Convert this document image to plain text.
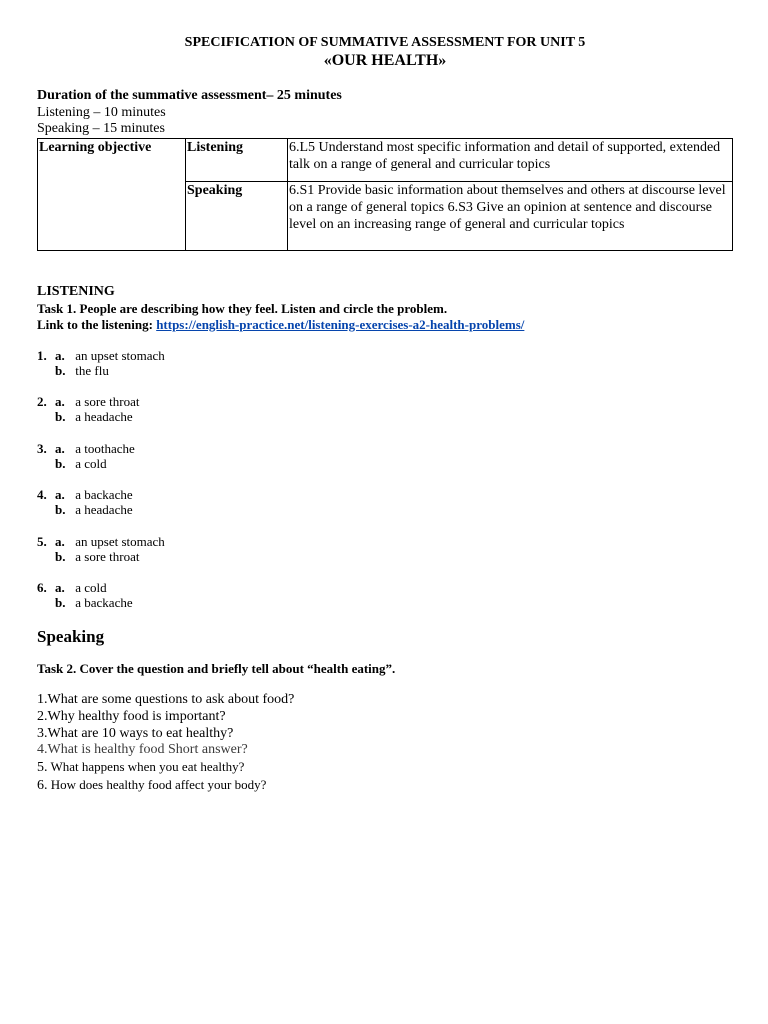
SPECIFICATION OF SUMMATIVE ASSESSMENT FOR UNIT 5
«OUR HEALTH»
Duration of the summative assessment– 25 minutes
Listening – 10 minutes
Speaking – 15 minutes
Learning objective	Listening	6.L5 Understand most specific information and detail of supported, extended talk on a range of general and curricular topics
	Speaking	6.S1 Provide basic information about themselves and others at discourse level on a range of general topics 6.S3 Give an opinion at sentence and discourse level on an increasing range of general and curricular topics
LISTENING
Task 1. People are describing how they feel. Listen and circle the problem.
Link to the listening: https://english-practice.net/listening-exercises-a2-health-problems/
1. a. an upset stomach
b. the flu
2. a. a sore throat
b. a headache
3. a. a toothache
b. a cold
4. a. a backache
b. a headache
5. a. an upset stomach
b. a sore throat
6. a. a cold
b. a backache
Speaking
Task 2. Cover the question and briefly tell about “health eating”.
1.What are some questions to ask about food?
2.Why healthy food is important?
3.What are 10 ways to eat healthy?
4.What is healthy food Short answer?
5. What happens when you eat healthy?
6. How does healthy food affect your body?
